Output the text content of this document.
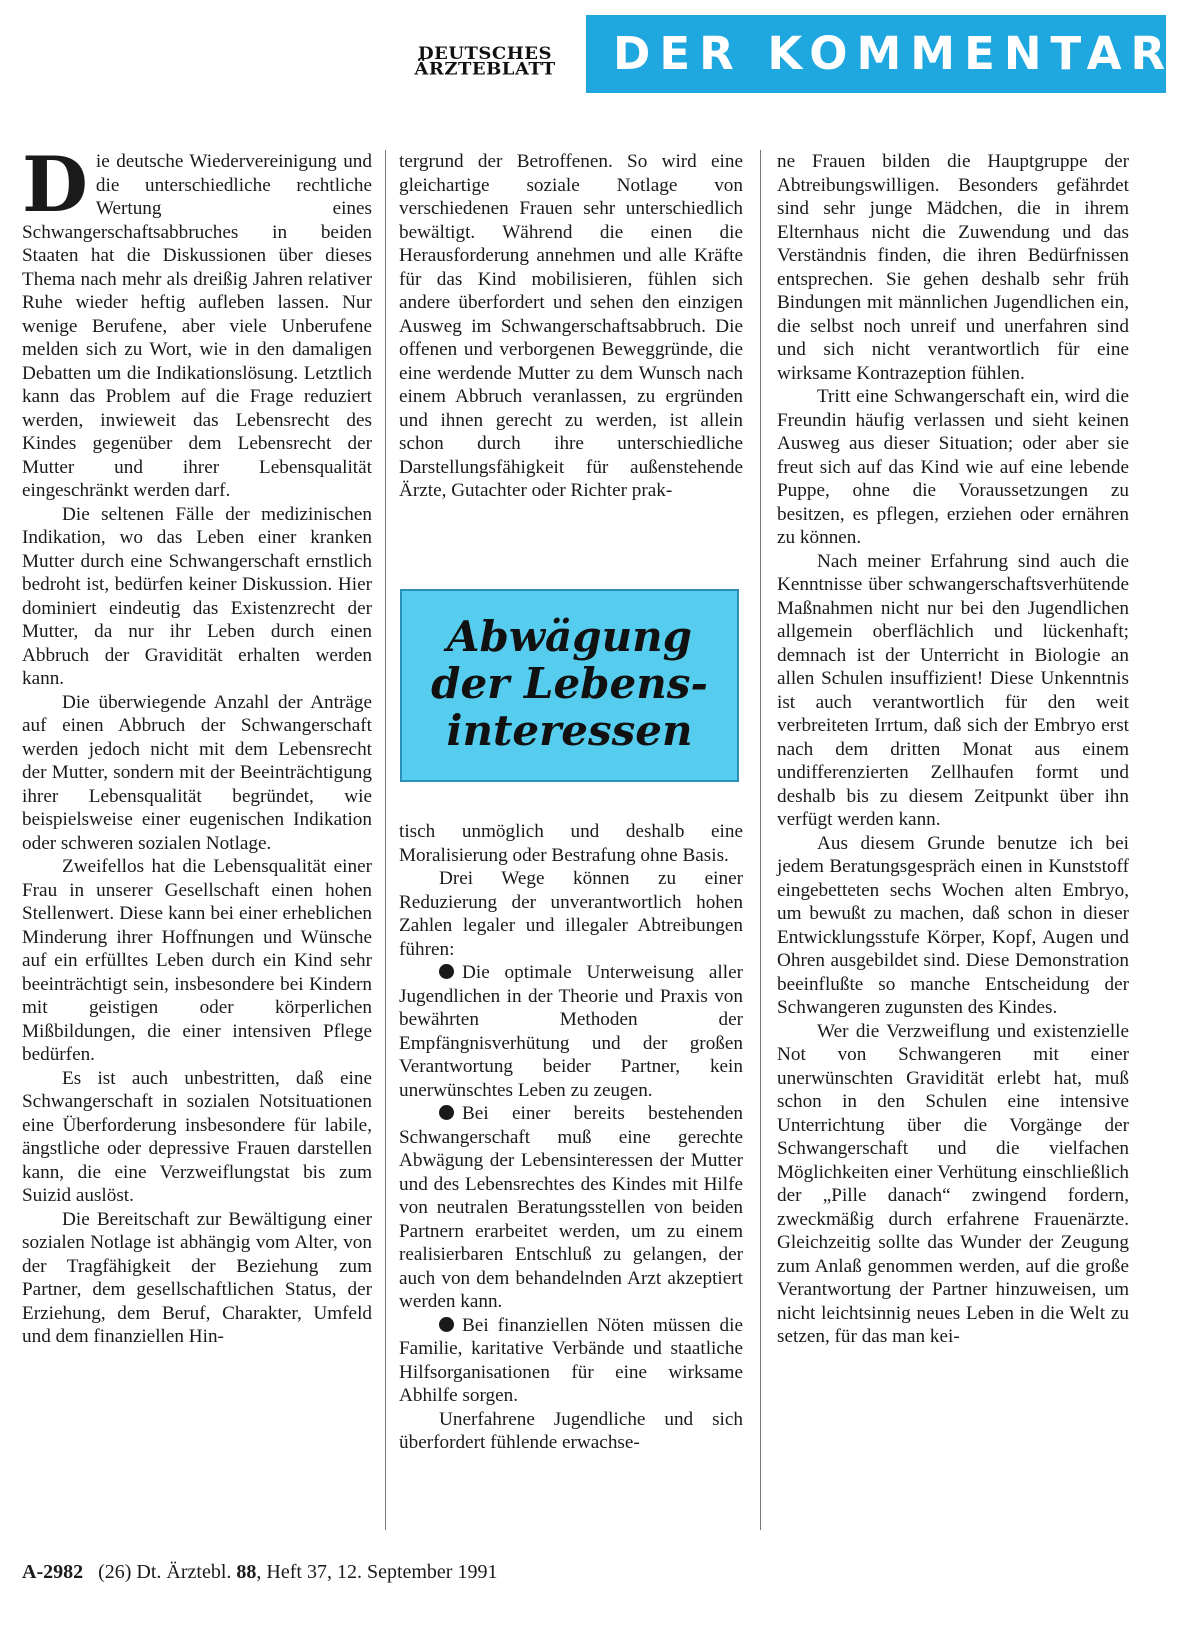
DEUTSCHES
ÄRZTEBLATT DER KOMMENTAR

Die deutsche Wiedervereinigung und die unterschiedliche rechtliche Wertung eines Schwangerschaftsabbruches in beiden Staaten hat die Diskussionen über dieses Thema nach mehr als dreißig Jahren relativer Ruhe wieder heftig aufleben lassen. Nur wenige Berufene, aber viele Unberufene melden sich zu Wort, wie in den damaligen Debatten um die Indikationslösung. Letztlich kann das Problem auf die Frage reduziert werden, inwieweit das Lebensrecht des Kindes gegenüber dem Lebensrecht der Mutter und ihrer Lebensqualität eingeschränkt werden darf.

Die seltenen Fälle der medizinischen Indikation, wo das Leben einer kranken Mutter durch eine Schwangerschaft ernstlich bedroht ist, bedürfen keiner Diskussion. Hier dominiert eindeutig das Existenzrecht der Mutter, da nur ihr Leben durch einen Abbruch der Gravidität erhalten werden kann.

Die überwiegende Anzahl der Anträge auf einen Abbruch der Schwangerschaft werden jedoch nicht mit dem Lebensrecht der Mutter, sondern mit der Beeinträchtigung ihrer Lebensqualität begründet, wie beispielsweise einer eugenischen Indikation oder schweren sozialen Notlage.

Zweifellos hat die Lebensqualität einer Frau in unserer Gesellschaft einen hohen Stellenwert. Diese kann bei einer erheblichen Minderung ihrer Hoffnungen und Wünsche auf ein erfülltes Leben durch ein Kind sehr beeinträchtigt sein, insbesondere bei Kindern mit geistigen oder körperlichen Mißbildungen, die einer intensiven Pflege bedürfen.

Es ist auch unbestritten, daß eine Schwangerschaft in sozialen Notsituationen eine Überforderung insbesondere für labile, ängstliche oder depressive Frauen darstellen kann, die eine Verzweiflungstat bis zum Suizid auslöst.

Die Bereitschaft zur Bewältigung einer sozialen Notlage ist abhängig vom Alter, von der Tragfähigkeit der Beziehung zum Partner, dem gesellschaftlichen Status, der Erziehung, dem Beruf, Charakter, Umfeld und dem finanziellen Hin-

tergrund der Betroffenen. So wird eine gleichartige soziale Notlage von verschiedenen Frauen sehr unterschiedlich bewältigt. Während die einen die Herausforderung annehmen und alle Kräfte für das Kind mobilisieren, fühlen sich andere überfordert und sehen den einzigen Ausweg im Schwangerschaftsabbruch. Die offenen und verborgenen Beweggründe, die eine werdende Mutter zu dem Wunsch nach einem Abbruch veranlassen, zu ergründen und ihnen gerecht zu werden, ist allein schon durch ihre unterschiedliche Darstellungsfähigkeit für außenstehende Ärzte, Gutachter oder Richter prak-

Abwägung
der Lebens-
interessen

tisch unmöglich und deshalb eine Moralisierung oder Bestrafung ohne Basis.

Drei Wege können zu einer Reduzierung der unverantwortlich hohen Zahlen legaler und illegaler Abtreibungen führen:

Die optimale Unterweisung aller Jugendlichen in der Theorie und Praxis von bewährten Methoden der Empfängnisverhütung und der großen Verantwortung beider Partner, kein unerwünschtes Leben zu zeugen.

Bei einer bereits bestehenden Schwangerschaft muß eine gerechte Abwägung der Lebensinteressen der Mutter und des Lebensrechtes des Kindes mit Hilfe von neutralen Beratungsstellen von beiden Partnern erarbeitet werden, um zu einem realisierbaren Entschluß zu gelangen, der auch von dem behandelnden Arzt akzeptiert werden kann.

Bei finanziellen Nöten müssen die Familie, karitative Verbände und staatliche Hilfsorganisationen für eine wirksame Abhilfe sorgen.

Unerfahrene Jugendliche und sich überfordert fühlende erwachse-

ne Frauen bilden die Hauptgruppe der Abtreibungswilligen. Besonders gefährdet sind sehr junge Mädchen, die in ihrem Elternhaus nicht die Zuwendung und das Verständnis finden, die ihren Bedürfnissen entsprechen. Sie gehen deshalb sehr früh Bindungen mit männlichen Jugendlichen ein, die selbst noch unreif und unerfahren sind und sich nicht verantwortlich für eine wirksame Kontrazeption fühlen.

Tritt eine Schwangerschaft ein, wird die Freundin häufig verlassen und sieht keinen Ausweg aus dieser Situation; oder aber sie freut sich auf das Kind wie auf eine lebende Puppe, ohne die Voraussetzungen zu besitzen, es pflegen, erziehen oder ernähren zu können.

Nach meiner Erfahrung sind auch die Kenntnisse über schwangerschaftsverhütende Maßnahmen nicht nur bei den Jugendlichen allgemein oberflächlich und lückenhaft; demnach ist der Unterricht in Biologie an allen Schulen insuffizient! Diese Unkenntnis ist auch verantwortlich für den weit verbreiteten Irrtum, daß sich der Embryo erst nach dem dritten Monat aus einem undifferenzierten Zellhaufen formt und deshalb bis zu diesem Zeitpunkt über ihn verfügt werden kann.

Aus diesem Grunde benutze ich bei jedem Beratungsgespräch einen in Kunststoff eingebetteten sechs Wochen alten Embryo, um bewußt zu machen, daß schon in dieser Entwicklungsstufe Körper, Kopf, Augen und Ohren ausgebildet sind. Diese Demonstration beeinflußte so manche Entscheidung der Schwangeren zugunsten des Kindes.

Wer die Verzweiflung und existenzielle Not von Schwangeren mit einer unerwünschten Gravidität erlebt hat, muß schon in den Schulen eine intensive Unterrichtung über die Vorgänge der Schwangerschaft und die vielfachen Möglichkeiten einer Verhütung einschließlich der „Pille danach“ zwingend fordern, zweckmäßig durch erfahrene Frauenärzte. Gleichzeitig sollte das Wunder der Zeugung zum Anlaß genommen werden, auf die große Verantwortung der Partner hinzuweisen, um nicht leichtsinnig neues Leben in die Welt zu setzen, für das man kei-

A-2982 (26) Dt. Ärztebl. 88, Heft 37, 12. September 1991
